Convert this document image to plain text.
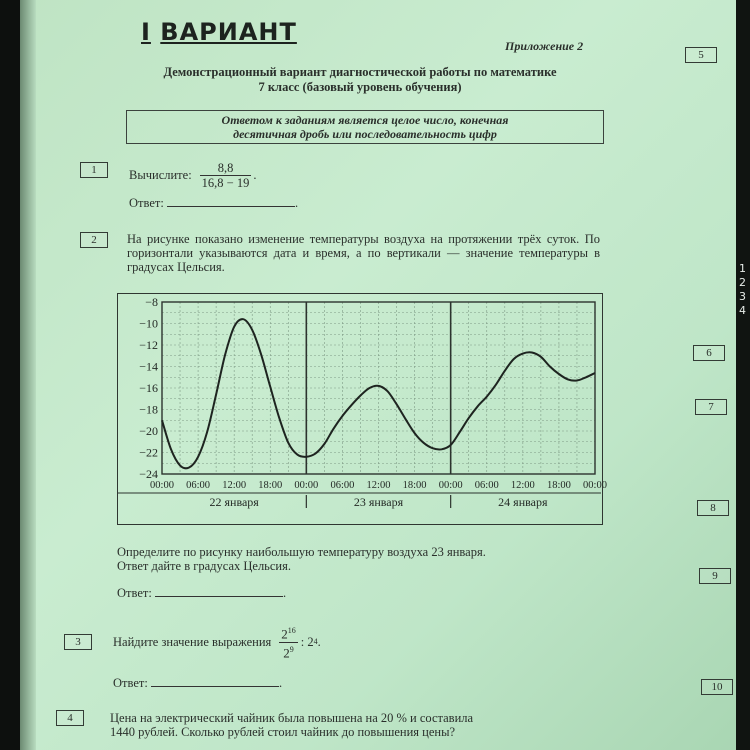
I ВАРИАНТ	Приложение 2
Демонстрационный вариант диагностической работы по математике
7 класс (базовый уровень обучения)
Ответом к заданиям является целое число, конечная
десятичная дробь или последовательность цифр
1	Вычислите: $\frac{8,8}{16,8 - 19}$ .
Ответ:	.
2	На рисунке показано изменение температуры воздуха на протяжении трёх суток. По горизонтали указываются дата и время, а по вертикали — значение температуры в градусах Цельсия.
−8
−10
−12
−14
−16
−18
−20
−22
−24
00:00 06:00 12:00 18:00 00:00 06:00 12:00 18:00 00:00 06:00 12:00 18:00 00:00
22 января	23 января	24 января
Определите по рисунку наибольшую температуру воздуха 23 января.
Ответ дайте в градусах Цельсия.
Ответ:	.
3	Найдите значение выражения $\frac{2^{16}}{2^9}$ : 2 4 .
Ответ:	.
4	Цена на электрический чайник была повышена на 20 % и составила
1440 рублей. Сколько рублей стоил чайник до повышения цены?
5
6
7
8
9
10
1
2
3
4
